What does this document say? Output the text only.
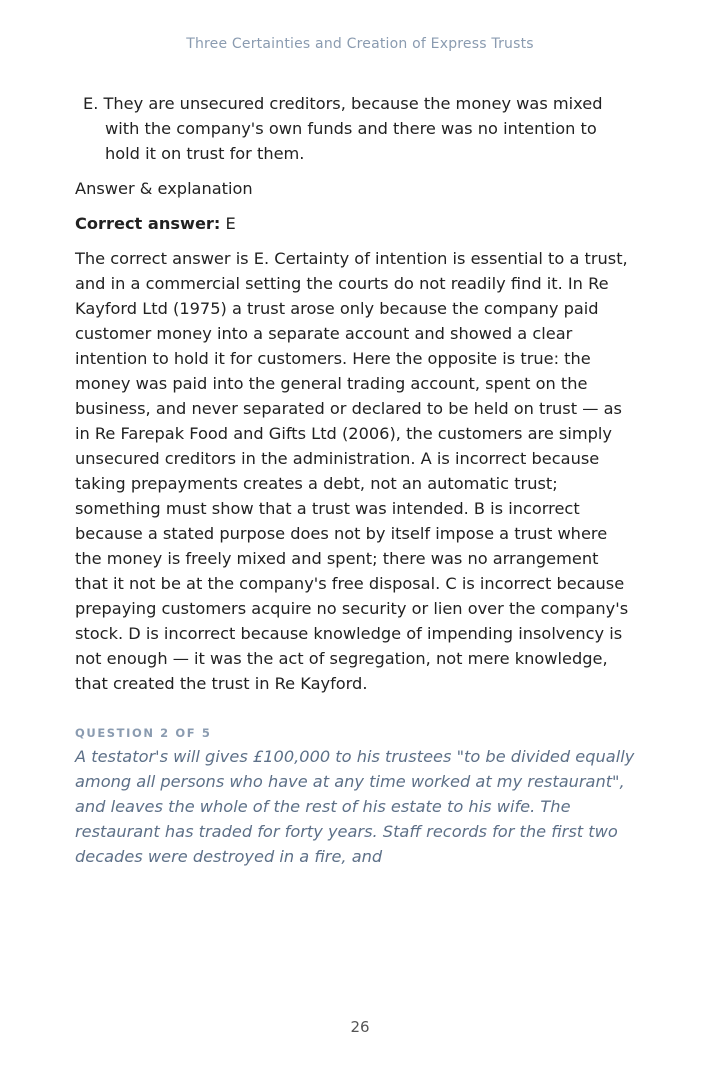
Three Certainties and Creation of Express Trusts

E. They are unsecured creditors, because the money was mixed with the company's own funds and there was no intention to hold it on trust for them.

Answer & explanation

Correct answer: E

The correct answer is E. Certainty of intention is essential to a trust, and in a commercial setting the courts do not readily find it. In Re Kayford Ltd (1975) a trust arose only because the company paid customer money into a separate account and showed a clear intention to hold it for customers. Here the opposite is true: the money was paid into the general trading account, spent on the business, and never separated or declared to be held on trust — as in Re Farepak Food and Gifts Ltd (2006), the customers are simply unsecured creditors in the administration. A is incorrect because taking prepayments creates a debt, not an automatic trust; something must show that a trust was intended. B is incorrect because a stated purpose does not by itself impose a trust where the money is freely mixed and spent; there was no arrangement that it not be at the company's free disposal. C is incorrect because prepaying customers acquire no security or lien over the company's stock. D is incorrect because knowledge of impending insolvency is not enough — it was the act of segregation, not mere knowledge, that created the trust in Re Kayford.

QUESTION 2 OF 5

A testator's will gives £100,000 to his trustees "to be divided equally among all persons who have at any time worked at my restaurant", and leaves the whole of the rest of his estate to his wife. The restaurant has traded for forty years. Staff records for the first two decades were destroyed in a fire, and

26
